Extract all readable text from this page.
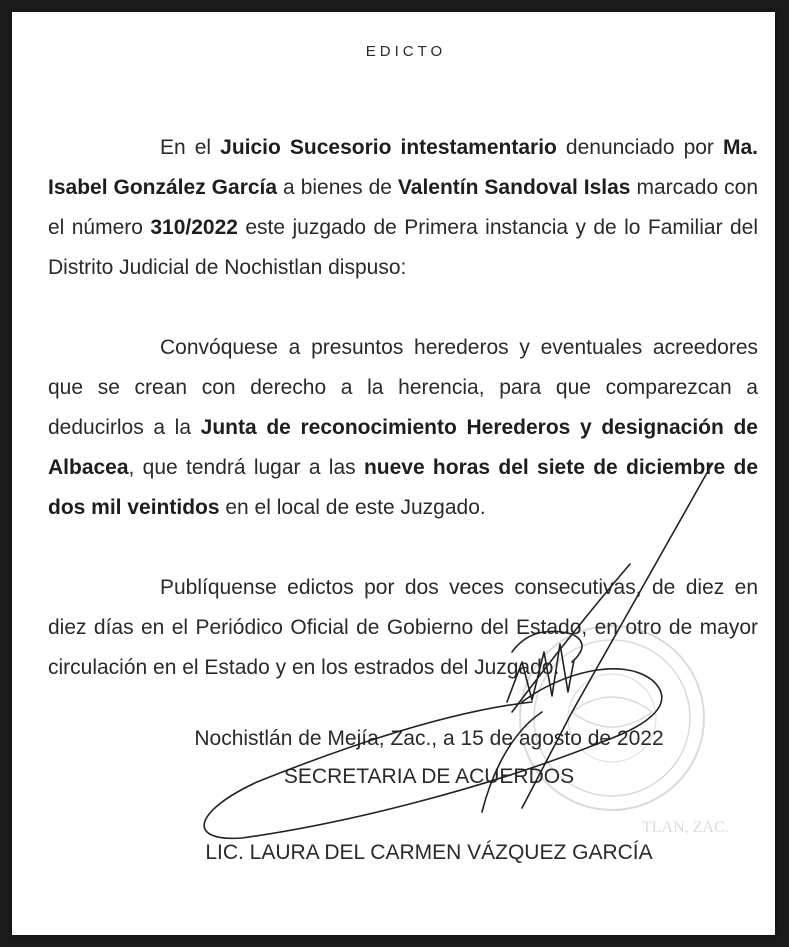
EDICTO

En el Juicio Sucesorio intestamentario denunciado por Ma. Isabel González García a bienes de Valentín Sandoval Islas marcado con el número 310/2022 este juzgado de Primera instancia y de lo Familiar del Distrito Judicial de Nochistlan dispuso:

Convóquese a presuntos herederos y eventuales acreedores que se crean con derecho a la herencia, para que comparezcan a deducirlos a la Junta de reconocimiento Herederos y designación de Albacea, que tendrá lugar a las nueve horas del siete de diciembre de dos mil veintidos en el local de este Juzgado.

Publíquense edictos por dos veces consecutivas, de diez en diez días en el Periódico Oficial de Gobierno del Estado, en otro de mayor circulación en el Estado y en los estrados del Juzgado.

Nochistlán de Mejía, Zac., a 15 de agosto de 2022
SECRETARIA DE ACUERDOS
LIC. LAURA DEL CARMEN VÁZQUEZ GARCÍA
TLAN, ZAC.
